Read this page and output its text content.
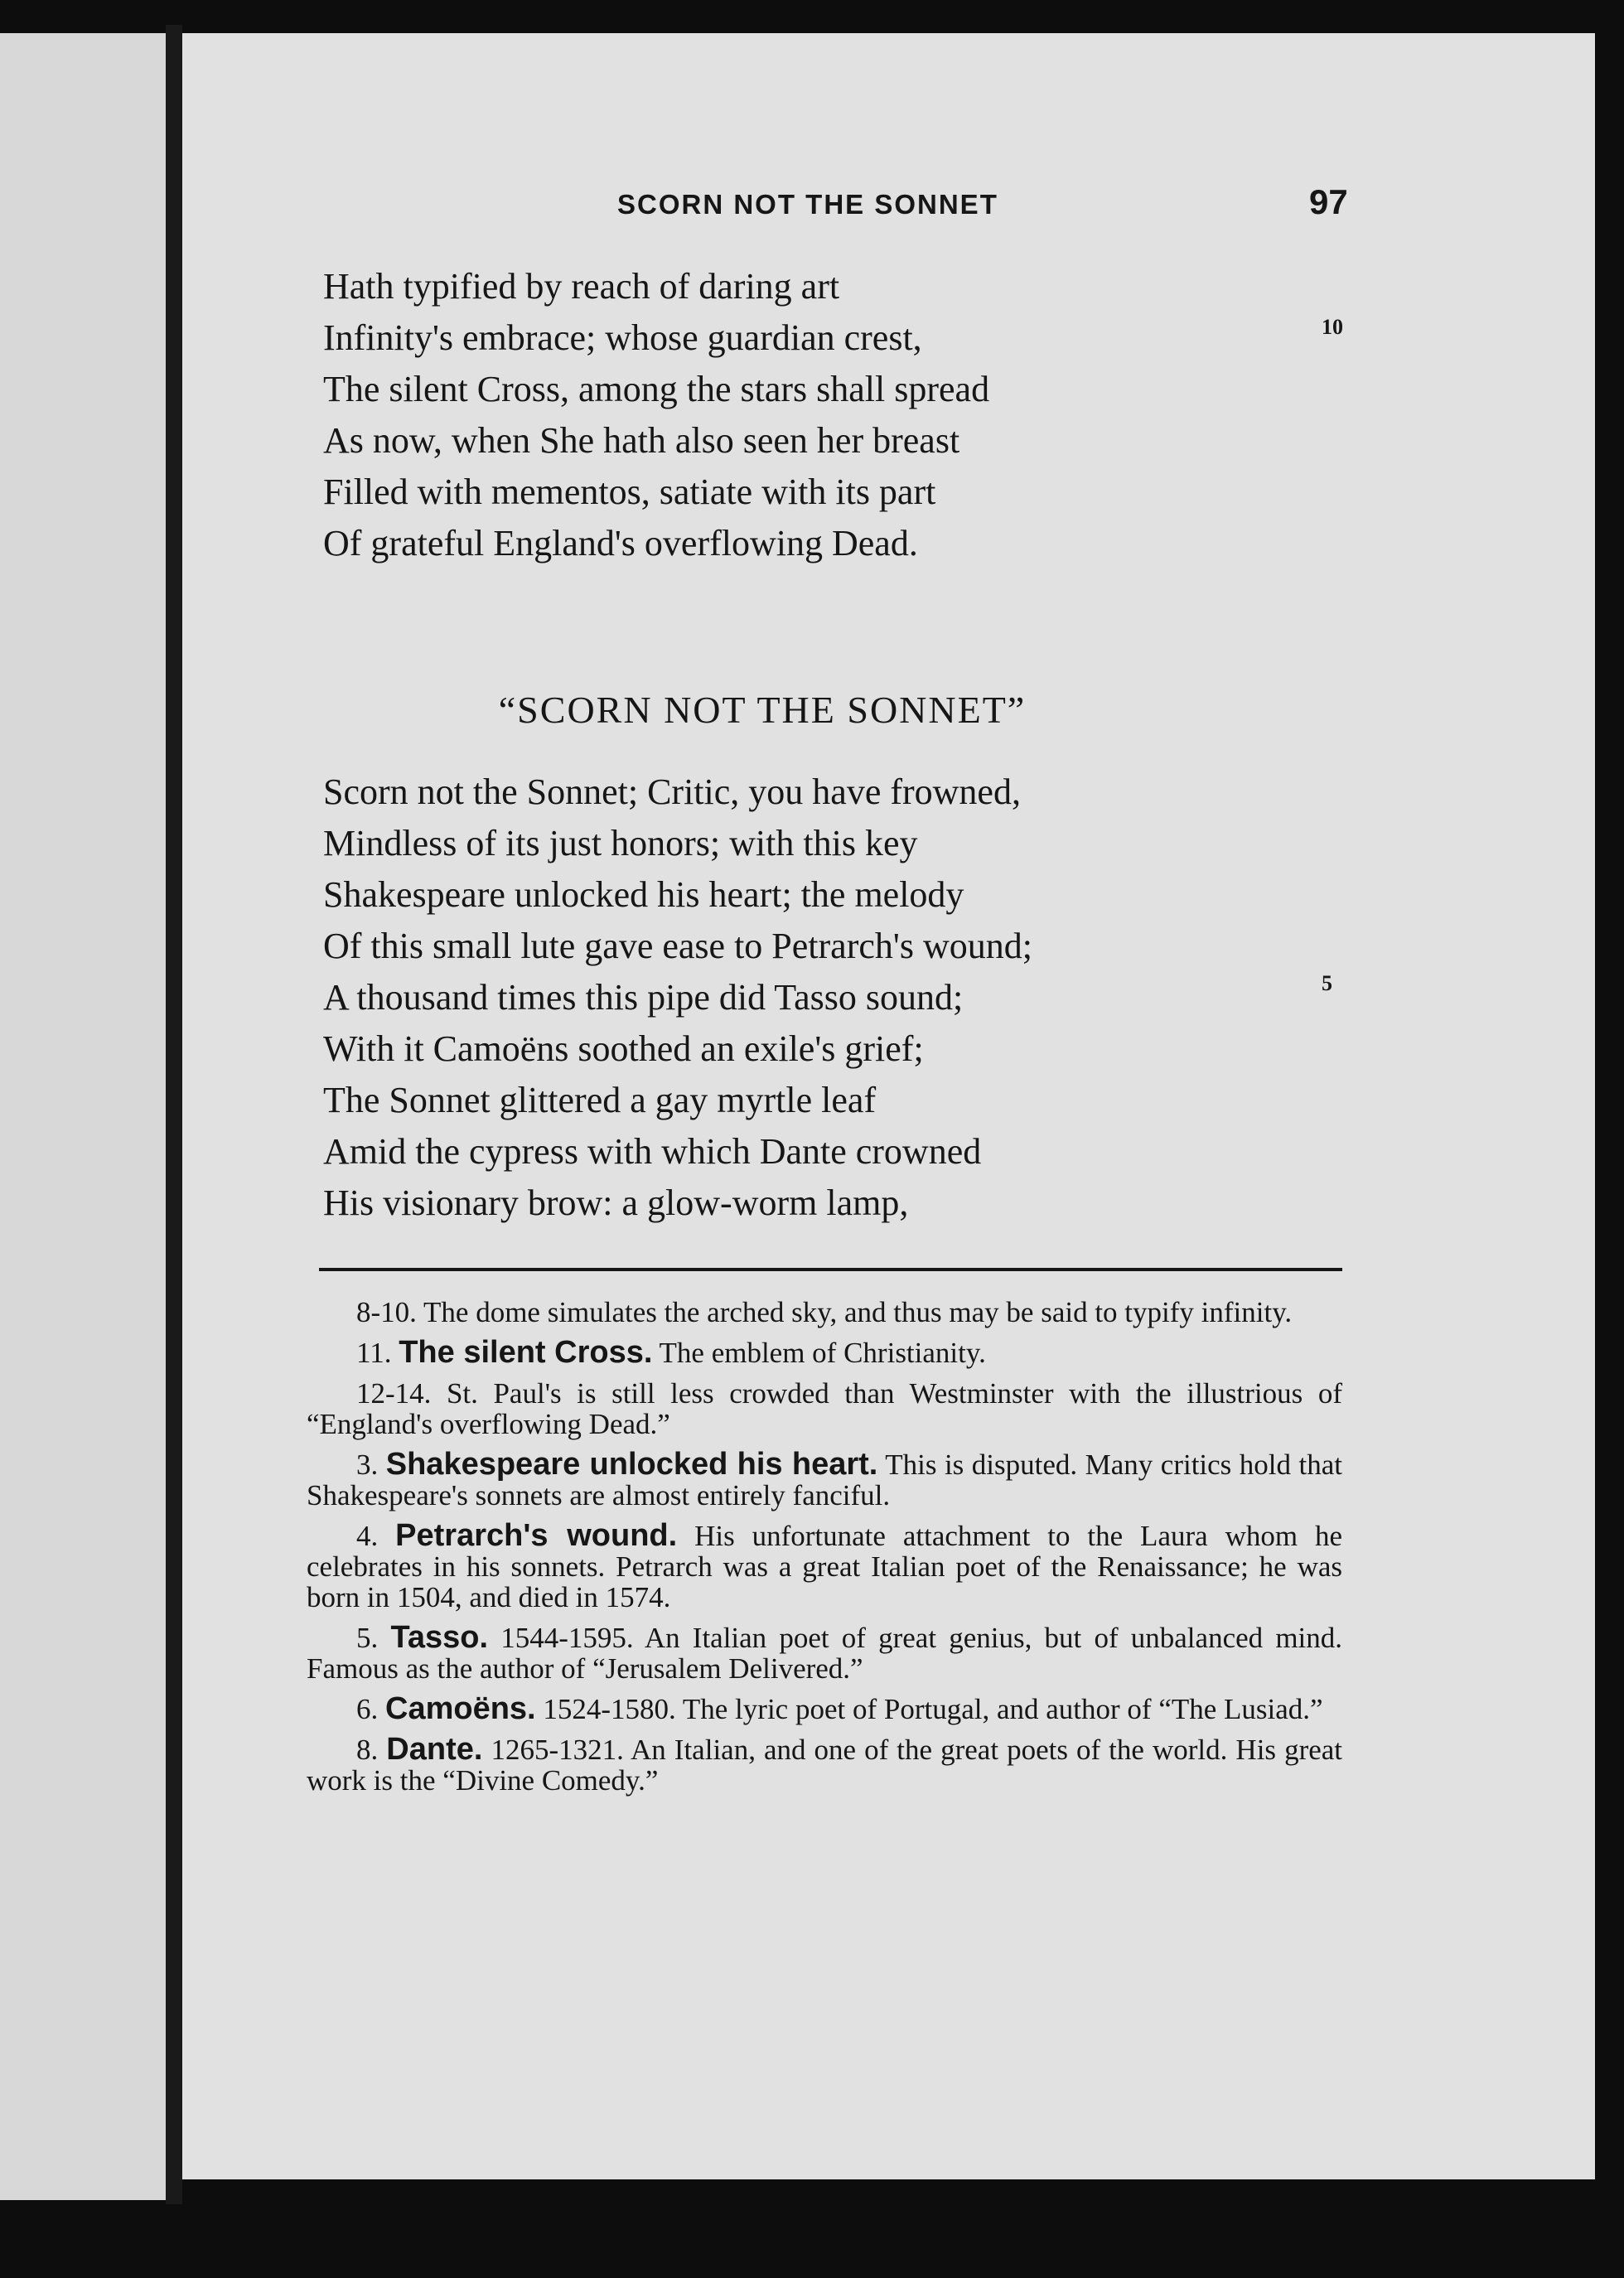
SCORN NOT THE SONNET	97
Hath typified by reach of daring art
Infinity's embrace; whose guardian crest,
The silent Cross, among the stars shall spread
As now, when She hath also seen her breast
Filled with mementos, satiate with its part
Of grateful England's overflowing Dead.
10
“SCORN NOT THE SONNET”
Scorn not the Sonnet; Critic, you have frowned,
Mindless of its just honors; with this key
Shakespeare unlocked his heart; the melody
Of this small lute gave ease to Petrarch's wound;
A thousand times this pipe did Tasso sound;
With it Camoëns soothed an exile's grief;
The Sonnet glittered a gay myrtle leaf
Amid the cypress with which Dante crowned
His visionary brow: a glow-worm lamp,
5

8-10. The dome simulates the arched sky, and thus may be said to typify infinity.

11. The silent Cross. The emblem of Christianity.

12-14. St. Paul's is still less crowded than Westminster with the illustrious of “England's overflowing Dead.”

3. Shakespeare unlocked his heart. This is disputed. Many critics hold that Shakespeare's sonnets are almost entirely fanciful.

4. Petrarch's wound. His unfortunate attachment to the Laura whom he celebrates in his sonnets. Petrarch was a great Italian poet of the Renaissance; he was born in 1504, and died in 1574.

5. Tasso. 1544-1595. An Italian poet of great genius, but of unbalanced mind. Famous as the author of “Jerusalem Delivered.”

6. Camoëns. 1524-1580. The lyric poet of Portugal, and author of “The Lusiad.”

8. Dante. 1265-1321. An Italian, and one of the great poets of the world. His great work is the “Divine Comedy.”
